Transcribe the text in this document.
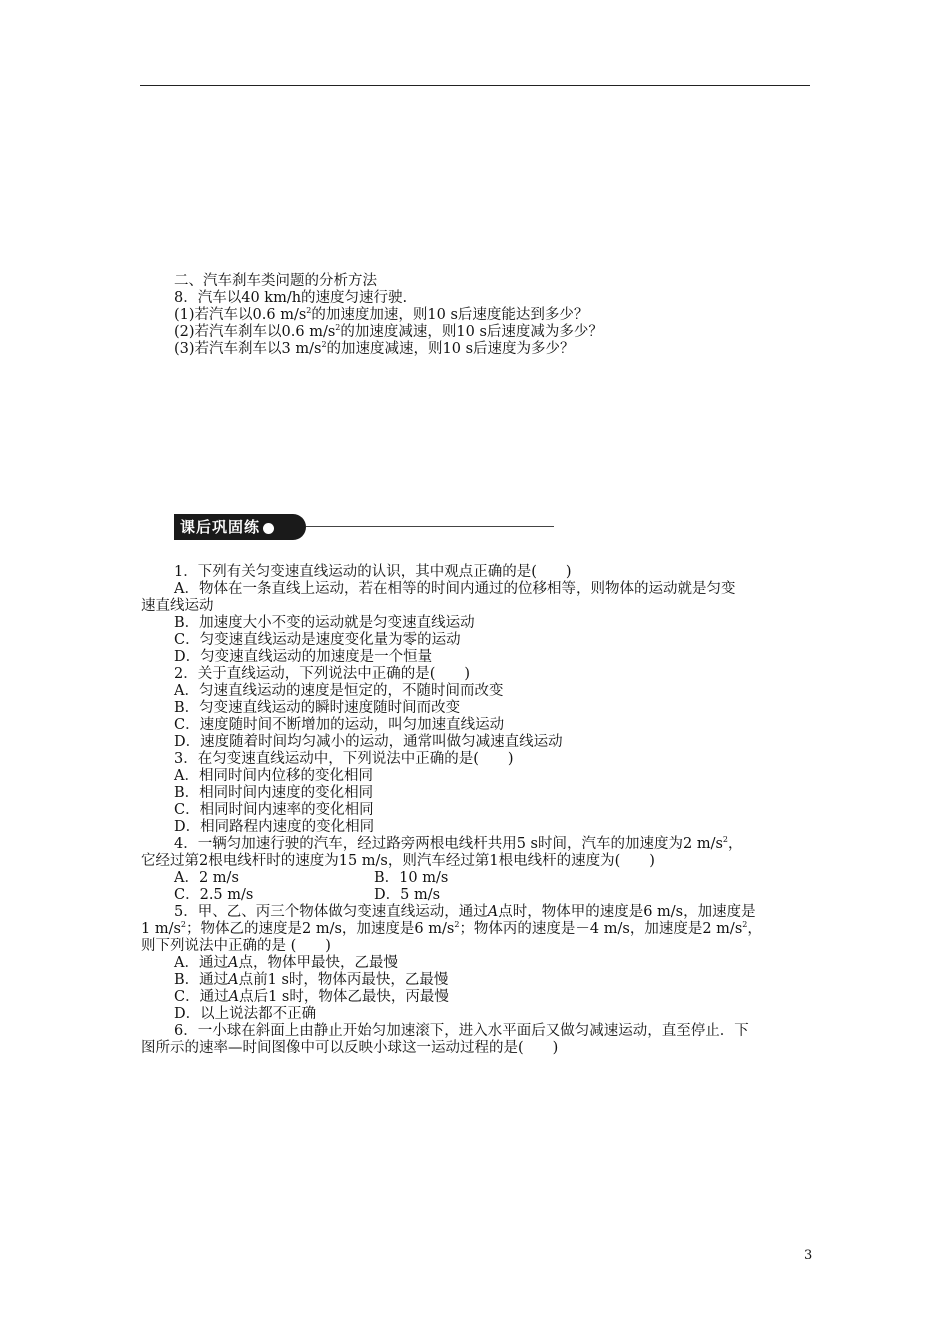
二、汽车刹车类问题的分析方法
8．汽车以40 km/h的速度匀速行驶.
(1)若汽车以0.6 $m/s^2$的加速度加速，则10 s后速度能达到多少？
(2)若汽车刹车以0.6 $m/s^2$的加速度减速，则10 s后速度减为多少？
(3)若汽车刹车以3 $m/s^2$的加速度减速，则10 s后速度为多少？
课后巩固练
1．下列有关匀变速直线运动的认识，其中观点正确的是(　　)
A．物体在一条直线上运动，若在相等的时间内通过的位移相等，则物体的运动就是匀变
速直线运动
B．加速度大小不变的运动就是匀变速直线运动
C．匀变速直线运动是速度变化量为零的运动
D．匀变速直线运动的加速度是一个恒量
2．关于直线运动，下列说法中正确的是(　　)
A．匀速直线运动的速度是恒定的，不随时间而改变
B．匀变速直线运动的瞬时速度随时间而改变
C．速度随时间不断增加的运动，叫匀加速直线运动
D．速度随着时间均匀减小的运动，通常叫做匀减速直线运动
3．在匀变速直线运动中，下列说法中正确的是(　　)
A．相同时间内位移的变化相同
B．相同时间内速度的变化相同
C．相同时间内速率的变化相同
D．相同路程内速度的变化相同
4．一辆匀加速行驶的汽车，经过路旁两根电线杆共用5 s时间，汽车的加速度为2 $m/s^2$，
它经过第2根电线杆时的速度为15 m/s，则汽车经过第1根电线杆的速度为(　　)
A．2 m/s	B．10 m/s
C．2.5 m/s	D．5 m/s
5．甲、乙、丙三个物体做匀变速直线运动，通过A点时，物体甲的速度是6 m/s，加速度是
1 $m/s^2$；物体乙的速度是2 m/s，加速度是6 $m/s^2$；物体丙的速度是－4 m/s，加速度是2 $m/s^2$，
则下列说法中正确的是 (　　)
A．通过A点，物体甲最快，乙最慢
B．通过A点前1 s时，物体丙最快，乙最慢
C．通过A点后1 s时，物体乙最快，丙最慢
D．以上说法都不正确
6．一小球在斜面上由静止开始匀加速滚下，进入水平面后又做匀减速运动，直至停止．下
图所示的速率—时间图像中可以反映小球这一运动过程的是(　　)
3
